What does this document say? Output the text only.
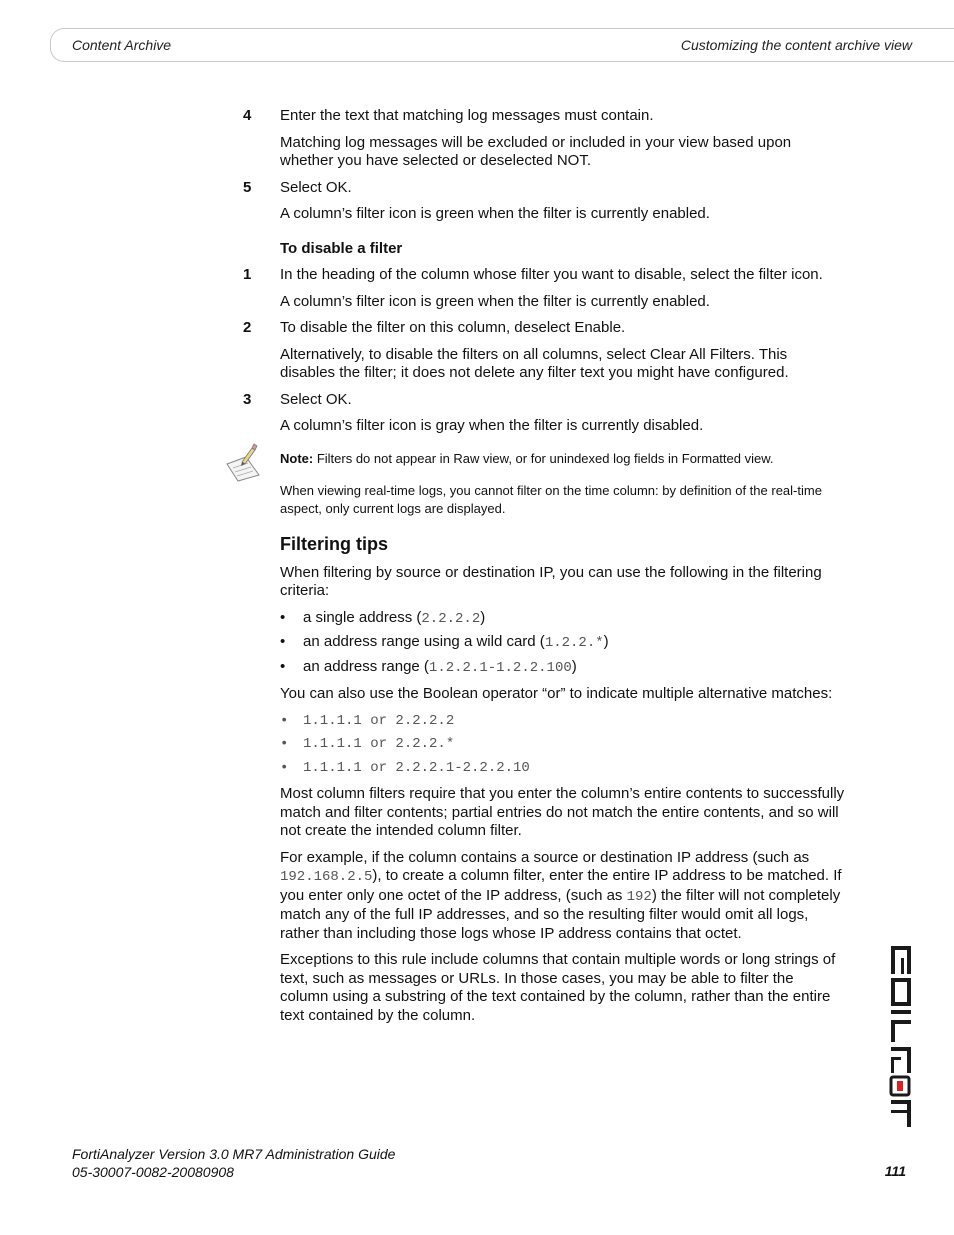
Content Archive	Customizing the content archive view
4 Enter the text that matching log messages must contain.

Matching log messages will be excluded or included in your view based upon whether you have selected or deselected NOT.

5 Select OK.

A column’s filter icon is green when the filter is currently enabled.

To disable a filter
1 In the heading of the column whose filter you want to disable, select the filter icon.

A column’s filter icon is green when the filter is currently enabled.

2 To disable the filter on this column, deselect Enable.

Alternatively, to disable the filters on all columns, select Clear All Filters. This disables the filter; it does not delete any filter text you might have configured.

3 Select OK.

A column’s filter icon is gray when the filter is currently disabled.

Note: Filters do not appear in Raw view, or for unindexed log fields in Formatted view.

When viewing real-time logs, you cannot filter on the time column: by definition of the real-time aspect, only current logs are displayed.

Filtering tips

When filtering by source or destination IP, you can use the following in the filtering criteria:

• a single address (2.2.2.2)
• an address range using a wild card (1.2.2.*)
• an address range (1.2.2.1-1.2.2.100)

You can also use the Boolean operator “or” to indicate multiple alternative matches:

• 1.1.1.1 or 2.2.2.2
• 1.1.1.1 or 2.2.2.*
• 1.1.1.1 or 2.2.2.1-2.2.2.10

Most column filters require that you enter the column’s entire contents to successfully match and filter contents; partial entries do not match the entire contents, and so will not create the intended column filter.

For example, if the column contains a source or destination IP address (such as 192.168.2.5), to create a column filter, enter the entire IP address to be matched. If you enter only one octet of the IP address, (such as 192) the filter will not completely match any of the full IP addresses, and so the resulting filter would omit all logs, rather than including those logs whose IP address contains that octet.

Exceptions to this rule include columns that contain multiple words or long strings of text, such as messages or URLs. In those cases, you may be able to filter the column using a substring of the text contained by the column, rather than the entire text contained by the column.

FortiAnalyzer Version 3.0 MR7 Administration Guide
05-30007-0082-20080908	111
